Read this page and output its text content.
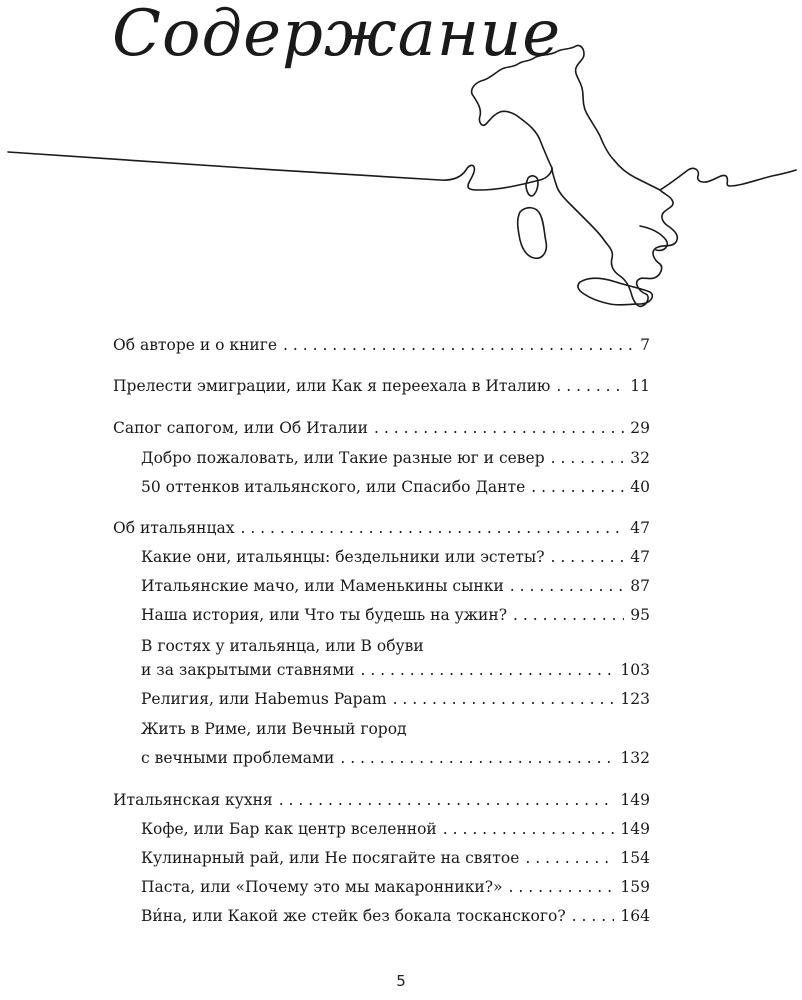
Содержание
Об авторе и о книге . . .	7
Прелести эмиграции, или Как я переехала в Италию . . .	11
Сапог сапогом, или Об Италии . . .	29
Добро пожаловать, или Такие разные юг и север . . .	32
50 оттенков итальянского, или Спасибо Данте . . .	40
Об итальянцах . . .	47
Какие они, итальянцы: бездельники или эстеты? . . .	47
Итальянские мачо, или Маменькины сынки . . .	87
Наша история, или Что ты будешь на ужин? . . .	95
В гостях у итальянца, или В обуви
и за закрытыми ставнями . . .	103
Религия, или Habemus Papam . . .	123
Жить в Риме, или Вечный город
с вечными проблемами . . .	132
Итальянская кухня . . .	149
Кофе, или Бар как центр вселенной . . .	149
Кулинарный рай, или Не посягайте на святое . . .	154
Паста, или «Почему это мы макаронники?» . . .	159
Ви́на, или Какой же стейк без бокала тосканского? . . .	164
5
